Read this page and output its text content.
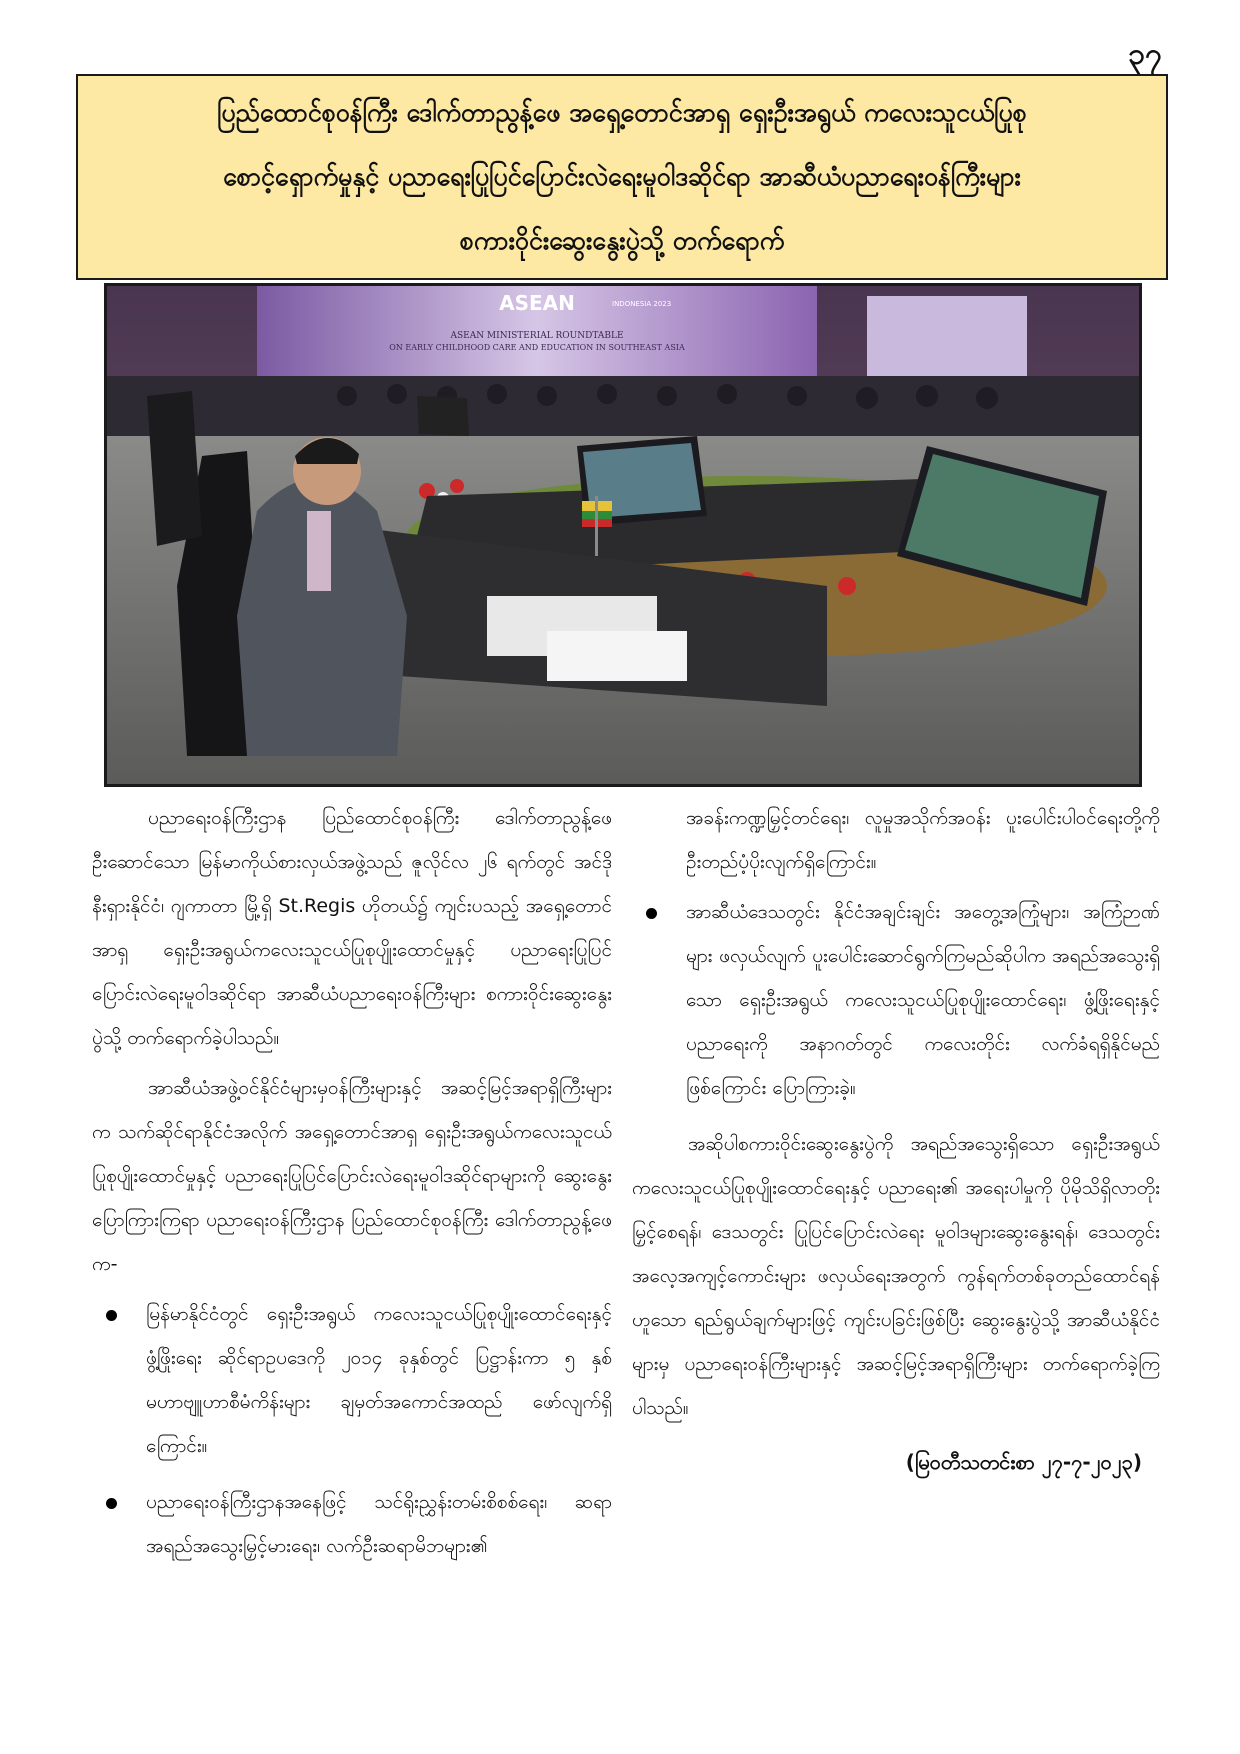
၃၇
ပြည်ထောင်စုဝန်ကြီး ဒေါက်တာညွန့်ဖေ အရှေ့တောင်အာရှ ရှေးဦးအရွယ် ကလေးသူငယ်ပြုစု
စောင့်ရှောက်မှုနှင့် ပညာရေးပြုပြင်ပြောင်းလဲရေးမူဝါဒဆိုင်ရာ အာဆီယံပညာရေးဝန်ကြီးများ
စကားဝိုင်းဆွေးနွေးပွဲသို့ တက်ရောက်
ASEAN	INDONESIA 2023
ASEAN MINISTERIAL ROUNDTABLE
ON EARLY CHILDHOOD CARE AND EDUCATION IN SOUTHEAST ASIA

ပညာရေးဝန်ကြီးဌာန ပြည်ထောင်စုဝန်ကြီး ဒေါက်တာညွန့်ဖေဦးဆောင်သော မြန်မာကိုယ်စားလှယ်အဖွဲ့သည် ဇူလိုင်လ ၂၆ ရက်တွင် အင်ဒိုနီးရှားနိုင်ငံ၊ ဂျကာတာ မြို့ရှိ St.Regis ဟိုတယ်၌ ကျင်းပသည့် အရှေ့တောင်အာရှ ရှေးဦးအရွယ်ကလေးသူငယ်ပြုစုပျိုးထောင်မှုနှင့် ပညာရေးပြုပြင်ပြောင်းလဲရေးမူဝါဒဆိုင်ရာ အာဆီယံပညာရေးဝန်ကြီးများ စကားဝိုင်းဆွေးနွေးပွဲသို့ တက်ရောက်ခဲ့ပါသည်။

အာဆီယံအဖွဲ့ဝင်နိုင်ငံများမှဝန်ကြီးများနှင့် အဆင့်မြင့်အရာရှိကြီးများက သက်ဆိုင်ရာနိုင်ငံအလိုက် အရှေ့တောင်အာရှ ရှေးဦးအရွယ်ကလေးသူငယ်ပြုစုပျိုးထောင်မှုနှင့် ပညာရေးပြုပြင်ပြောင်းလဲရေးမူဝါဒဆိုင်ရာများကို ဆွေးနွေးပြောကြားကြရာ ပညာရေးဝန်ကြီးဌာန ပြည်ထောင်စုဝန်ကြီး ဒေါက်တာညွန့်ဖေက-

မြန်မာနိုင်ငံတွင် ရှေးဦးအရွယ် ကလေးသူငယ်ပြုစုပျိုးထောင်ရေးနှင့် ဖွံ့ဖြိုးရေး ဆိုင်ရာဥပဒေကို ၂၀၁၄ ခုနှစ်တွင် ပြဋ္ဌာန်းကာ ၅ နှစ် မဟာဗျူဟာစီမံကိန်းများ ချမှတ်အကောင်အထည် ဖော်လျက်ရှိကြောင်း။
ပညာရေးဝန်ကြီးဌာနအနေဖြင့် သင်ရိုးညွှန်းတမ်းစိစစ်ရေး၊ ဆရာအရည်အသွေးမြှင့်မားရေး၊ လက်ဦးဆရာမိဘများ၏

အခန်းကဏ္ဍမြှင့်တင်ရေး၊ လူမှုအသိုက်အဝန်း ပူးပေါင်းပါဝင်ရေးတို့ကို ဦးတည်ပံ့ပိုးလျက်ရှိကြောင်း။

အာဆီယံဒေသတွင်း နိုင်ငံအချင်းချင်း အတွေ့အကြုံများ၊ အကြံဉာဏ်များ ဖလှယ်လျက် ပူးပေါင်းဆောင်ရွက်ကြမည်ဆိုပါက အရည်အသွေးရှိသော ရှေးဦးအရွယ် ကလေးသူငယ်ပြုစုပျိုးထောင်ရေး၊ ဖွံ့ဖြိုးရေးနှင့် ပညာရေးကို အနာဂတ်တွင် ကလေးတိုင်း လက်ခံရရှိနိုင်မည်ဖြစ်ကြောင်း ပြောကြားခဲ့။

အဆိုပါစကားဝိုင်းဆွေးနွေးပွဲကို အရည်အသွေးရှိသော ရှေးဦးအရွယ် ကလေးသူငယ်ပြုစုပျိုးထောင်ရေးနှင့် ပညာရေး၏ အရေးပါမှုကို ပိုမိုသိရှိလာတိုးမြှင့်စေရန်၊ ဒေသတွင်း ပြုပြင်ပြောင်းလဲရေး မူဝါဒများဆွေးနွေးရန်၊ ဒေသတွင်း အလေ့အကျင့်ကောင်းများ ဖလှယ်ရေးအတွက် ကွန်ရက်တစ်ခုတည်ထောင်ရန်ဟူသော ရည်ရွယ်ချက်များဖြင့် ကျင်းပခြင်းဖြစ်ပြီး ဆွေးနွေးပွဲသို့ အာဆီယံနိုင်ငံများမှ ပညာရေးဝန်ကြီးများနှင့် အဆင့်မြင့်အရာရှိကြီးများ တက်ရောက်ခဲ့ကြပါသည်။

(မြဝတီသတင်းစာ ၂၇-၇-၂၀၂၃)
